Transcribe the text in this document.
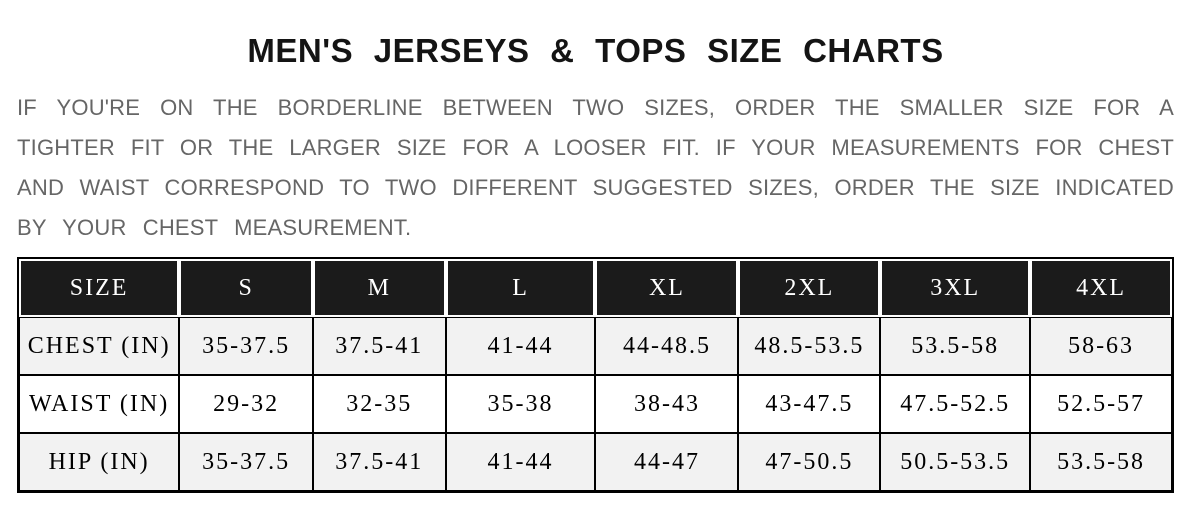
MEN'S JERSEYS & TOPS SIZE CHARTS
IF YOU'RE ON THE BORDERLINE BETWEEN TWO SIZES, ORDER THE SMALLER SIZE FOR A
TIGHTER FIT OR THE LARGER SIZE FOR A LOOSER FIT. IF YOUR MEASUREMENTS FOR CHEST
AND WAIST CORRESPOND TO TWO DIFFERENT SUGGESTED SIZES, ORDER THE SIZE INDICATED
BY YOUR CHEST MEASUREMENT.
SIZE	S	M	L	XL	2XL	3XL	4XL
CHEST (IN)	35-37.5	37.5-41	41-44	44-48.5	48.5-53.5	53.5-58	58-63
WAIST (IN)	29-32	32-35	35-38	38-43	43-47.5	47.5-52.5	52.5-57
HIP (IN)	35-37.5	37.5-41	41-44	44-47	47-50.5	50.5-53.5	53.5-58
